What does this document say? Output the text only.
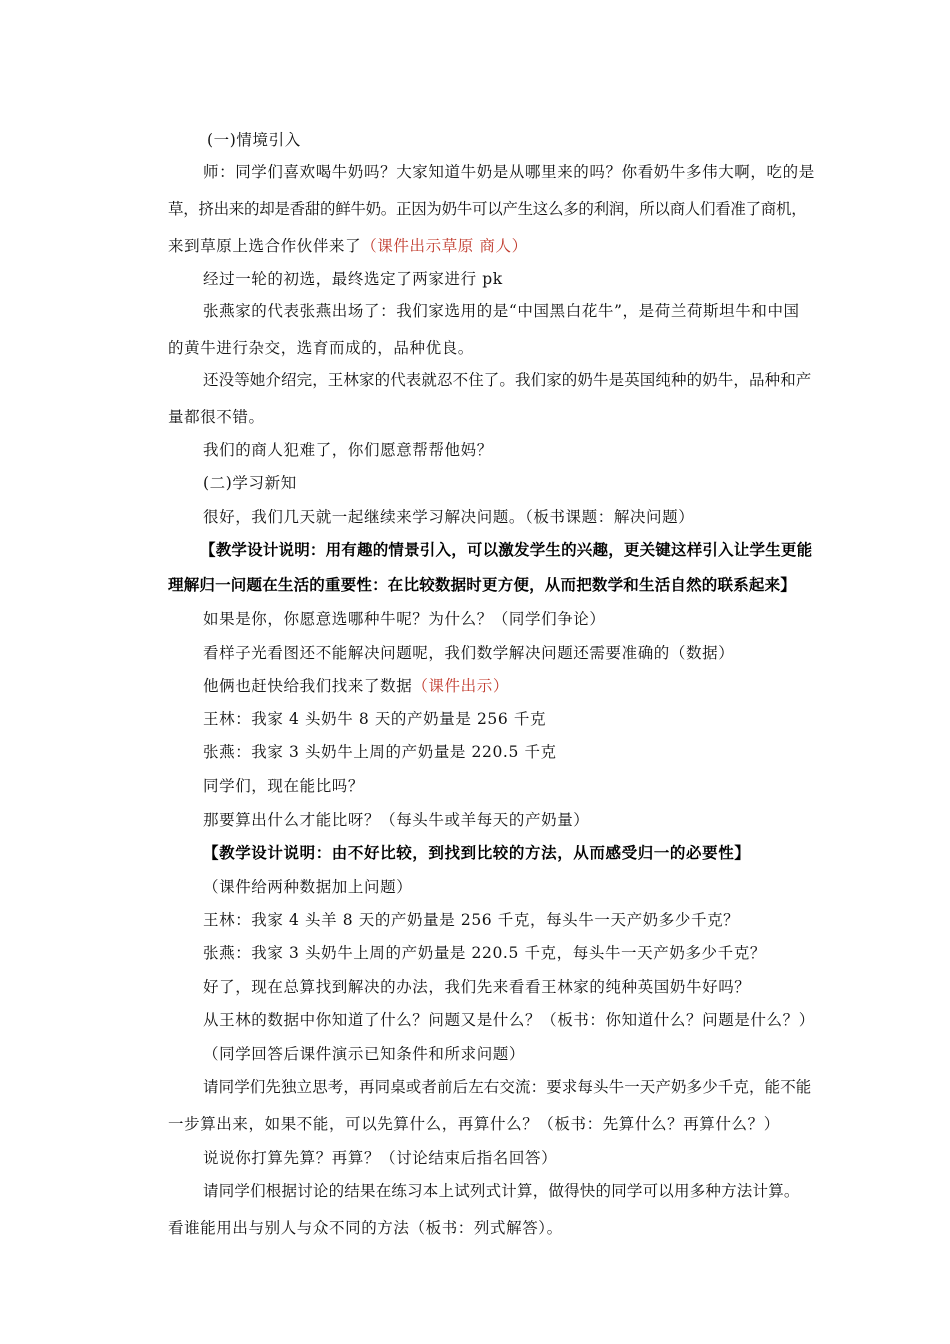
(一)情境引入
师：同学们喜欢喝牛奶吗？大家知道牛奶是从哪里来的吗？你看奶牛多伟大啊，吃的是
草，挤出来的却是香甜的鲜牛奶。正因为奶牛可以产生这么多的利润，所以商人们看准了商机，
来到草原上选合作伙伴来了（课件出示草原 商人）
经过一轮的初选，最终选定了两家进行 pk
张燕家的代表张燕出场了：我们家选用的是“中国黑白花牛”，是荷兰荷斯坦牛和中国
的黄牛进行杂交，选育而成的，品种优良。
还没等她介绍完，王林家的代表就忍不住了。我们家的奶牛是英国纯种的奶牛，品种和产
量都很不错。
我们的商人犯难了，你们愿意帮帮他妈？
(二)学习新知
很好，我们几天就一起继续来学习解决问题。（板书课题：解决问题）
【教学设计说明：用有趣的情景引入，可以激发学生的兴趣，更关键这样引入让学生更能
理解归一问题在生活的重要性：在比较数据时更方便，从而把数学和生活自然的联系起来】
如果是你，你愿意选哪种牛呢？为什么？（同学们争论）
看样子光看图还不能解决问题呢，我们数学解决问题还需要准确的（数据）
他俩也赶快给我们找来了数据（课件出示）
王林：我家 4 头奶牛 8 天的产奶量是 256 千克
张燕：我家 3 头奶牛上周的产奶量是 220.5 千克
同学们，现在能比吗？
那要算出什么才能比呀？（每头牛或羊每天的产奶量）
【教学设计说明：由不好比较，到找到比较的方法，从而感受归一的必要性】
（课件给两种数据加上问题）
王林：我家 4 头羊 8 天的产奶量是 256 千克，每头牛一天产奶多少千克？
张燕：我家 3 头奶牛上周的产奶量是 220.5 千克，每头牛一天产奶多少千克？
好了，现在总算找到解决的办法，我们先来看看王林家的纯种英国奶牛好吗？
从王林的数据中你知道了什么？问题又是什么？（板书：你知道什么？问题是什么？）
（同学回答后课件演示已知条件和所求问题）
请同学们先独立思考，再同桌或者前后左右交流：要求每头牛一天产奶多少千克，能不能
一步算出来，如果不能，可以先算什么，再算什么？（板书：先算什么？再算什么？）
说说你打算先算？再算？（讨论结束后指名回答）
请同学们根据讨论的结果在练习本上试列式计算，做得快的同学可以用多种方法计算。
看谁能用出与别人与众不同的方法（板书：列式解答）。
